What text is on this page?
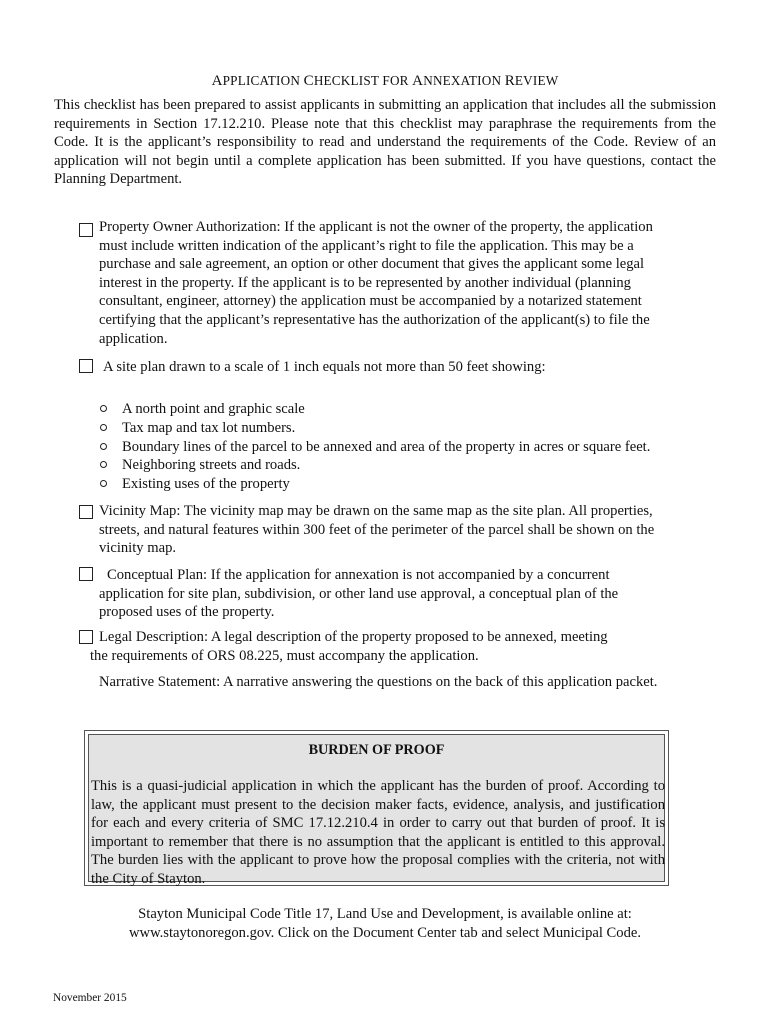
APPLICATION CHECKLIST FOR ANNEXATION REVIEW
This checklist has been prepared to assist applicants in submitting an application that includes all the submission requirements in Section 17.12.210. Please note that this checklist may paraphrase the requirements from the Code. It is the applicant’s responsibility to read and understand the requirements of the Code. Review of an application will not begin until a complete application has been submitted. If you have questions, contact the Planning Department.
Property Owner Authorization: If the applicant is not the owner of the property, the application must include written indication of the applicant’s right to file the application. This may be a purchase and sale agreement, an option or other document that gives the applicant some legal interest in the property. If the applicant is to be represented by another individual (planning consultant, engineer, attorney) the application must be accompanied by a notarized statement certifying that the applicant’s representative has the authorization of the applicant(s) to file the application.
A site plan drawn to a scale of 1 inch equals not more than 50 feet showing:
A north point and graphic scale
Tax map and tax lot numbers.
Boundary lines of the parcel to be annexed and area of the property in acres or square feet.
Neighboring streets and roads.
Existing uses of the property
Vicinity Map: The vicinity map may be drawn on the same map as the site plan. All properties, streets, and natural features within 300 feet of the perimeter of the parcel shall be shown on the vicinity map.
Conceptual Plan: If the application for annexation is not accompanied by a concurrent application for site plan, subdivision, or other land use approval, a conceptual plan of the proposed uses of the property.
Legal Description: A legal description of the property proposed to be annexed, meeting
the requirements of ORS 08.225, must accompany the application.
Narrative Statement: A narrative answering the questions on the back of this application packet.
BURDEN OF PROOF
This is a quasi-judicial application in which the applicant has the burden of proof. According to law, the applicant must present to the decision maker facts, evidence, analysis, and justification for each and every criteria of SMC 17.12.210.4 in order to carry out that burden of proof. It is important to remember that there is no assumption that the applicant is entitled to this approval. The burden lies with the applicant to prove how the proposal complies with the criteria, not with the City of Stayton.
Stayton Municipal Code Title 17, Land Use and Development, is available online at:
www.staytonoregon.gov. Click on the Document Center tab and select Municipal Code.
November 2015
